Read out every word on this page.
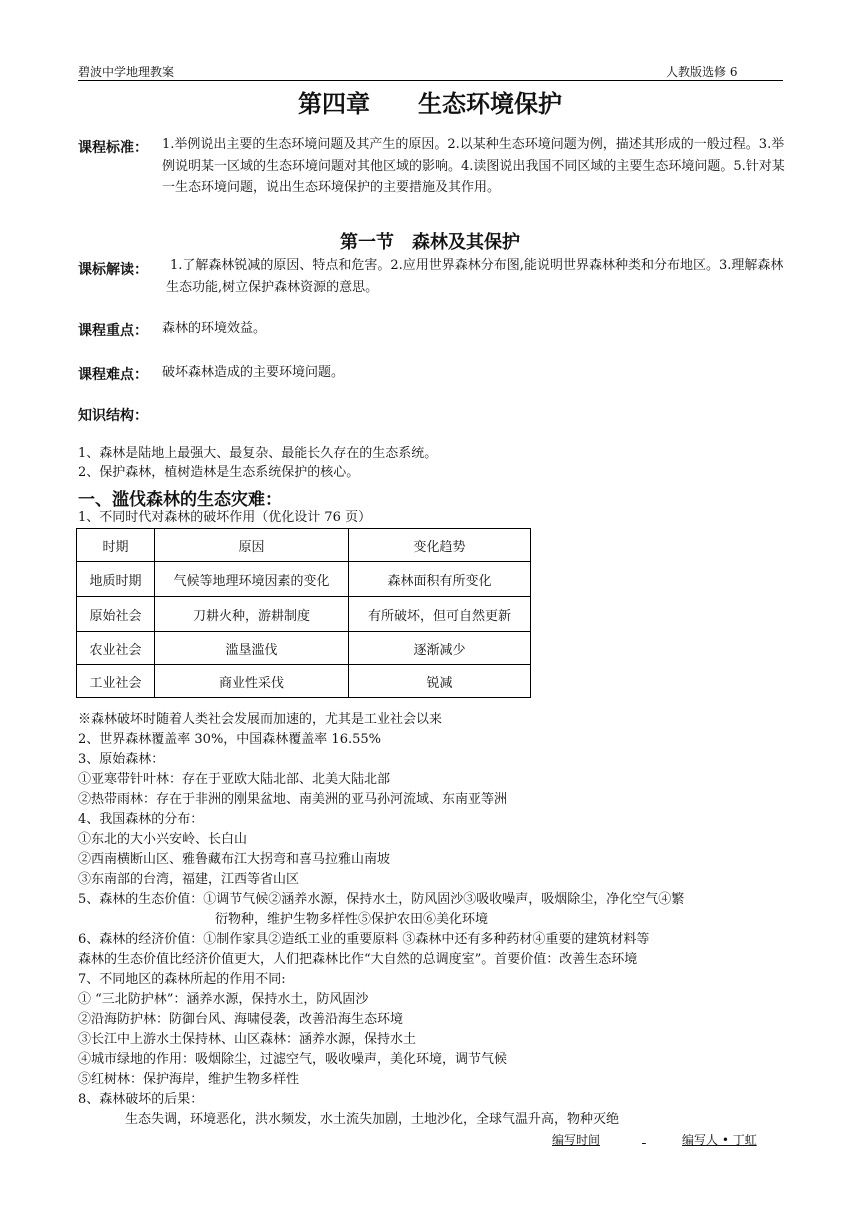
碧波中学地理教案	人教版选修 6
第四章　　生态环境保护
课程标准： 1.举例说出主要的生态环境问题及其产生的原因。2.以某种生态环境问题为例，描述其形成的一般过程。3.举例说明某一区域的生态环境问题对其他区域的影响。4.读图说出我国不同区域的主要生态环境问题。5.针对某一生态环境问题，说出生态环境保护的主要措施及其作用。
第一节　森林及其保护
课标解读：	1.了解森林锐减的原因、特点和危害。2.应用世界森林分布图,能说明世界森林种类和分布地区。3.理解森林生态功能,树立保护森林资源的意思。
课程重点： 森林的环境效益。
课程难点： 破坏森林造成的主要环境问题。
知识结构：
1、森林是陆地上最强大、最复杂、最能长久存在的生态系统。
2、保护森林，植树造林是生态系统保护的核心。
一、滥伐森林的生态灾难：
1、不同时代对森林的破坏作用（优化设计 76 页）
时期	原因	变化趋势
地质时期	气候等地理环境因素的变化	森林面积有所变化
原始社会	刀耕火种，游耕制度	有所破坏，但可自然更新
农业社会	滥垦滥伐	逐渐减少
工业社会	商业性采伐	锐减
※森林破坏时随着人类社会发展而加速的，尤其是工业社会以来
2、世界森林覆盖率 30%，中国森林覆盖率 16.55%
3、原始森林：
①亚寒带针叶林：存在于亚欧大陆北部、北美大陆北部
②热带雨林：存在于非洲的刚果盆地、南美洲的亚马孙河流域、东南亚等洲
4、我国森林的分布：
①东北的大小兴安岭、长白山
②西南横断山区、雅鲁藏布江大拐弯和喜马拉雅山南坡
③东南部的台湾，福建，江西等省山区
5、森林的生态价值：①调节气候②涵养水源，保持水土，防风固沙③吸收噪声，吸烟除尘，净化空气④繁
衍物种，维护生物多样性⑤保护农田⑥美化环境
6、森林的经济价值：①制作家具②造纸工业的重要原料 ③森林中还有多种药材④重要的建筑材料等
森林的生态价值比经济价值更大，人们把森林比作“大自然的总调度室”。首要价值：改善生态环境
7、不同地区的森林所起的作用不同:
① “三北防护林”：涵养水源，保持水土，防风固沙
②沿海防护林：防御台风、海啸侵袭，改善沿海生态环境
③长江中上游水土保持林、山区森林：涵养水源，保持水土
④城市绿地的作用：吸烟除尘，过滤空气，吸收噪声，美化环境，调节气候
⑤红树林：保护海岸，维护生物多样性
8、森林破坏的后果：
生态失调，环境恶化，洪水频发，水土流失加剧，土地沙化，全球气温升高，物种灭绝
编写时间
	编写人 • 丁虹
